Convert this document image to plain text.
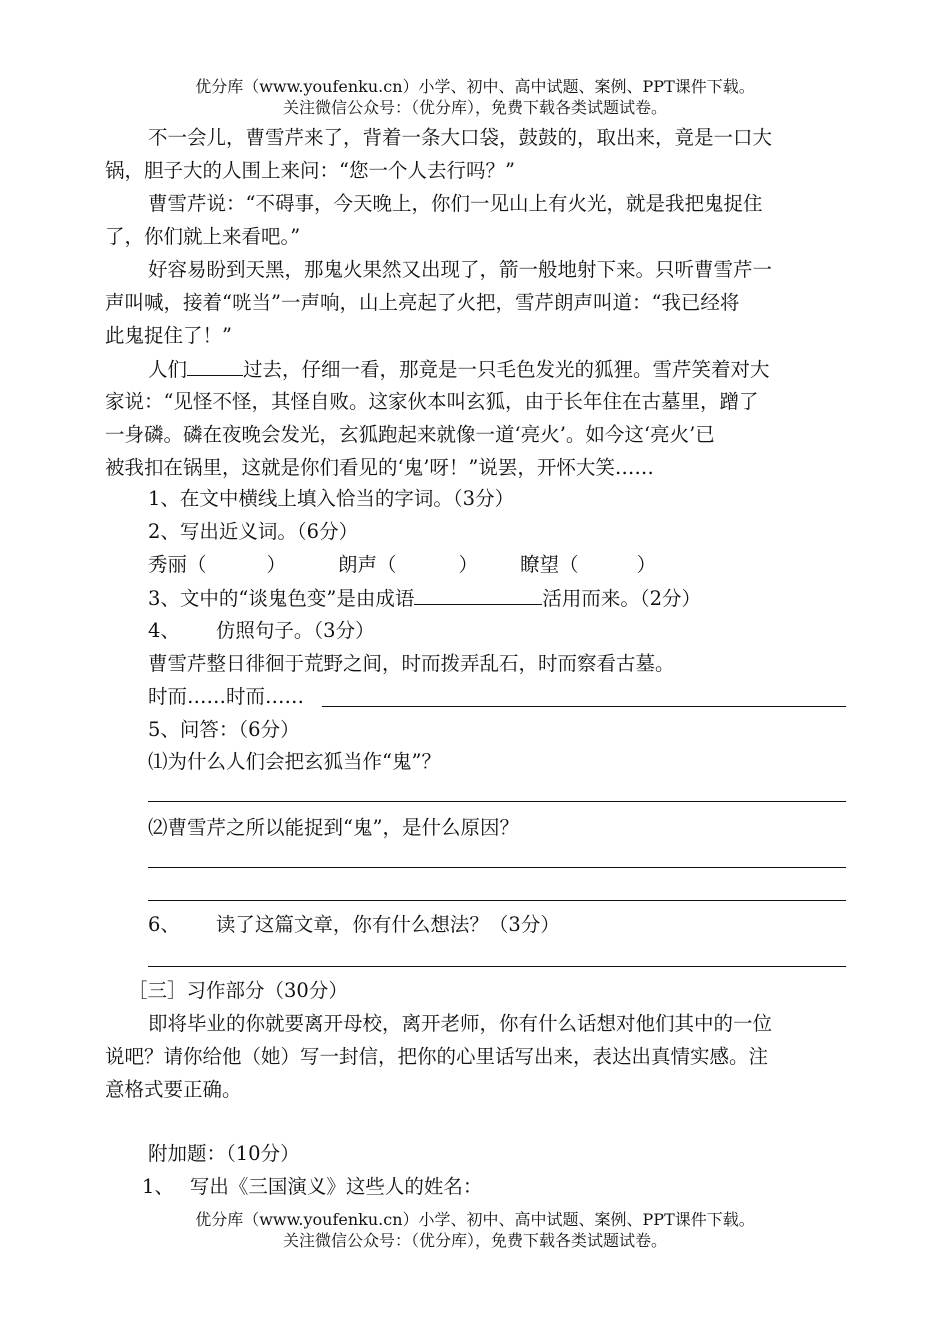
优分库（www.youfenku.cn）小学、初中、高中试题、案例、PPT课件下载。
关注微信公众号：（优分库），免费下载各类试题试卷。
不一会儿，曹雪芹来了，背着一条大口袋，鼓鼓的，取出来，竟是一口大
锅，胆子大的人围上来问：“您一个人去行吗？”
曹雪芹说：“不碍事，今天晚上，你们一见山上有火光，就是我把鬼捉住
了，你们就上来看吧。”
好容易盼到天黑，那鬼火果然又出现了，箭一般地射下来。只听曹雪芹一
声叫喊，接着“咣当”一声响，山上亮起了火把，雪芹朗声叫道：“我已经将
此鬼捉住了！”
人们	过去，仔细一看，那竟是一只毛色发光的狐狸。雪芹笑着对大
家说：“见怪不怪，其怪自败。这家伙本叫玄狐，由于长年住在古墓里，蹭了
一身磷。磷在夜晚会发光，玄狐跑起来就像一道‘亮火’。如今这‘亮火’已
被我扣在锅里，这就是你们看见的‘鬼’呀！”说罢，开怀大笑……
1、在文中横线上填入恰当的字词。（3分）
2、写出近义词。（6分）
秀丽（	）	朗声（	） 瞭望（	）
3、文中的“谈鬼色变”是由成语	活用而来。（2分）
4、 仿照句子。（3分）
曹雪芹整日徘徊于荒野之间，时而拨弄乱石，时而察看古墓。
时而……时而……
5、问答：（6分）
⑴为什么人们会把玄狐当作“鬼”？
⑵曹雪芹之所以能捉到“鬼”，是什么原因？
6、 读了这篇文章，你有什么想法？（3分）
［三］习作部分（30分）
即将毕业的你就要离开母校，离开老师，你有什么话想对他们其中的一位
说吧？请你给他（她）写一封信，把你的心里话写出来，表达出真情实感。注
意格式要正确。
附加题：（10分）
1、 写出《三国演义》这些人的姓名：
优分库（www.youfenku.cn）小学、初中、高中试题、案例、PPT课件下载。
关注微信公众号：（优分库），免费下载各类试题试卷。
